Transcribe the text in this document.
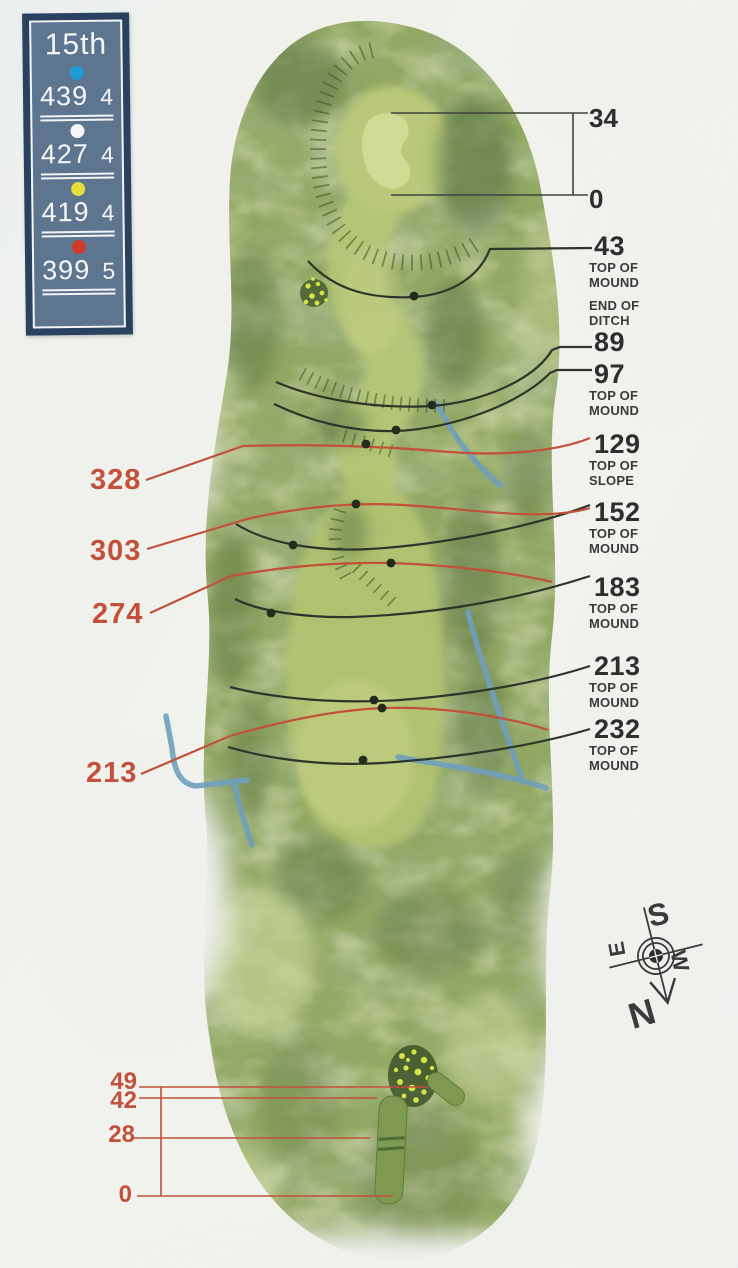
15th
439 4
427 4
419 4
399 5
34
0
43
TOP OF
MOUND
END OF
DITCH
89
97
TOP OF
MOUND
129
TOP OF
SLOPE
152
TOP OF
MOUND
183
TOP OF
MOUND
213
TOP OF
MOUND
232
TOP OF
MOUND
328
303
274
213
49
42
28
0
S
E W
N
